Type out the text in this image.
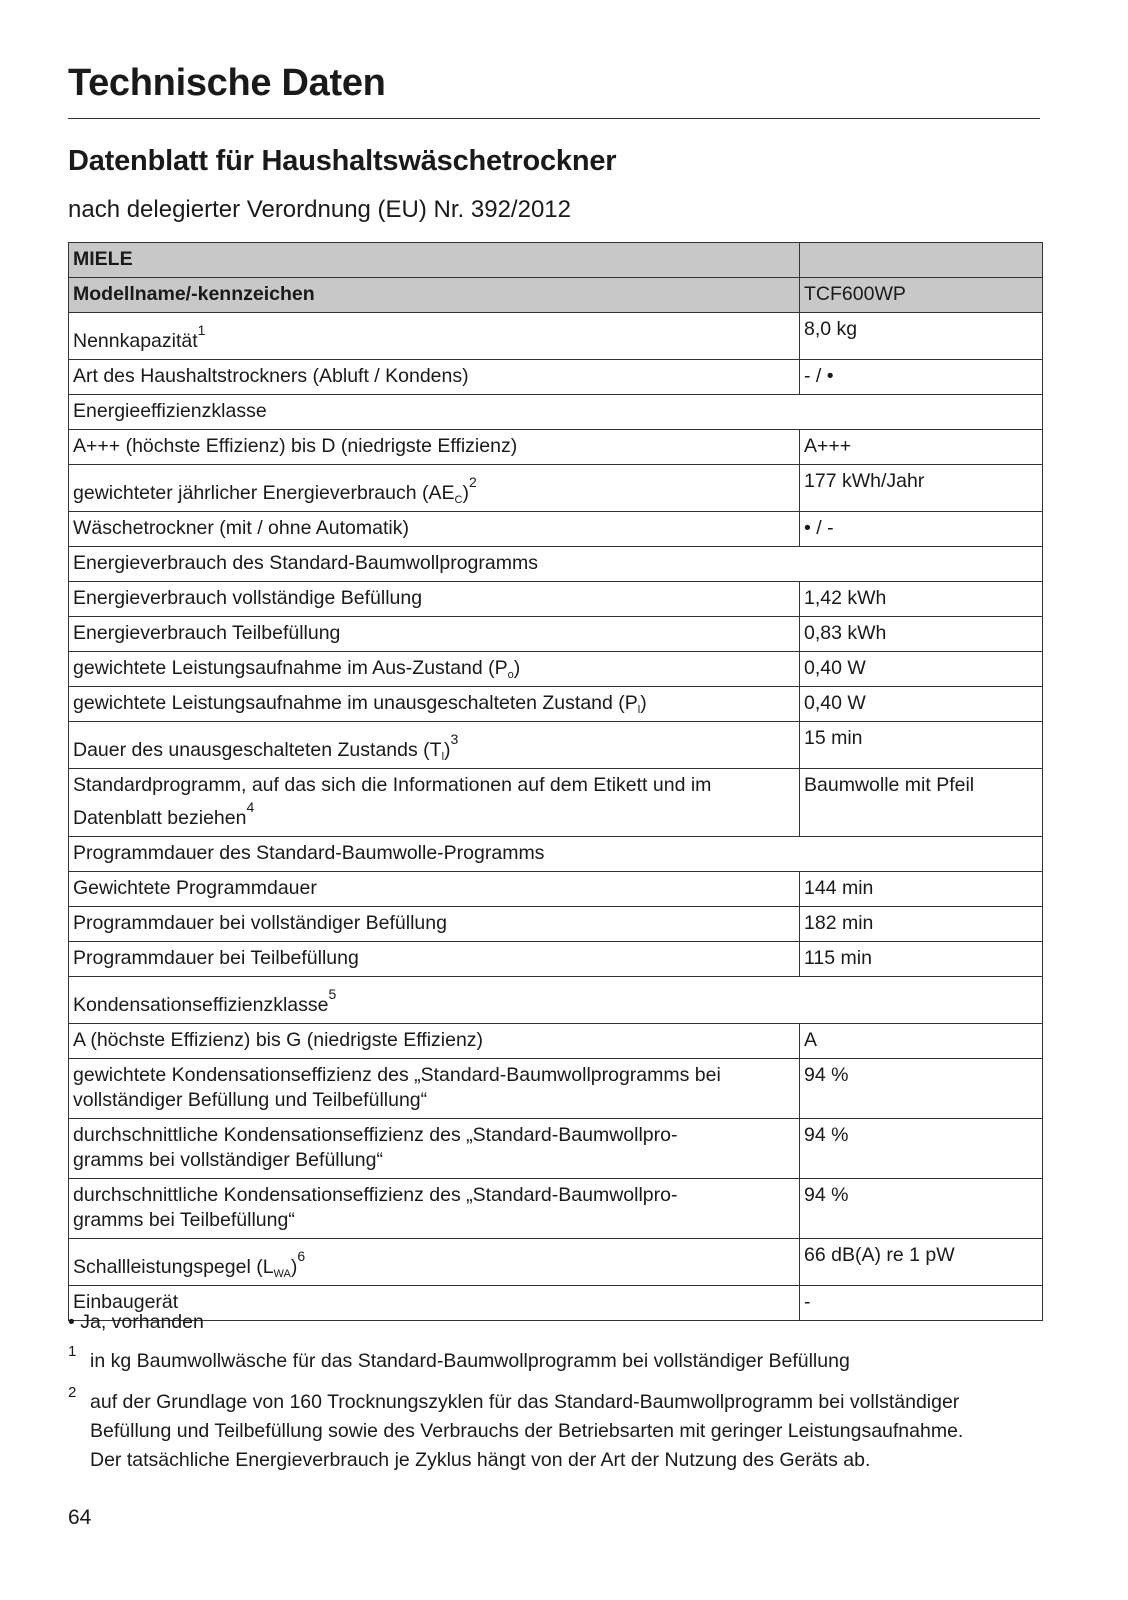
Technische Daten
Datenblatt für Haushaltswäschetrockner
nach delegierter Verordnung (EU) Nr. 392/2012
MIELE	
Modellname/-kennzeichen	TCF600WP
Nennkapazität$^1$	8,0 kg
Art des Haushaltstrockners (Abluft / Kondens)	- / •
Energieeffizienzklasse	
A+++ (höchste Effizienz) bis D (niedrigste Effizienz)	A+++
gewichteter jährlicher Energieverbrauch $(AE_C)^2$	177 kWh/Jahr
Wäschetrockner (mit / ohne Automatik)	• / -
Energieverbrauch des Standard-Baumwollprogramms	
Energieverbrauch vollständige Befüllung	1,42 kWh
Energieverbrauch Teilbefüllung	0,83 kWh
gewichtete Leistungsaufnahme im Aus-Zustand $(P_o)$	0,40 W
gewichtete Leistungsaufnahme im unausgeschalteten Zustand $(P_l)$	0,40 W
Dauer des unausgeschalteten Zustands $(T_l)^3$	15 min

Standardprogramm, auf das sich die Informationen auf dem Etikett und im
Datenblatt beziehen$^4$	Baumwolle mit Pfeil
Programmdauer des Standard-Baumwolle-Programms	
Gewichtete Programmdauer	144 min
Programmdauer bei vollständiger Befüllung	182 min
Programmdauer bei Teilbefüllung	115 min
Kondensationseffizienzklasse$^5$
A (höchste Effizienz) bis G (niedrigste Effizienz)	A

gewichtete Kondensationseffizienz des „Standard-Baumwollprogramms bei
vollständiger Befüllung und Teilbefüllung“	94 %

durchschnittliche Kondensationseffizienz des „Standard-Baumwollpro-
gramms bei vollständiger Befüllung“	94 %

durchschnittliche Kondensationseffizienz des „Standard-Baumwollpro-
gramms bei Teilbefüllung“	94 %
Schallleistungspegel $(L_{WA})^6$	66 dB(A) re 1 pW
Einbaugerät	-
• Ja, vorhanden
1 in kg Baumwollwäsche für das Standard-Baumwollprogramm bei vollständiger Befüllung
2 auf der Grundlage von 160 Trocknungszyklen für das Standard-Baumwollprogramm bei vollständiger
Befüllung und Teilbefüllung sowie des Verbrauchs der Betriebsarten mit geringer Leistungsaufnahme.
Der tatsächliche Energieverbrauch je Zyklus hängt von der Art der Nutzung des Geräts ab.
64
